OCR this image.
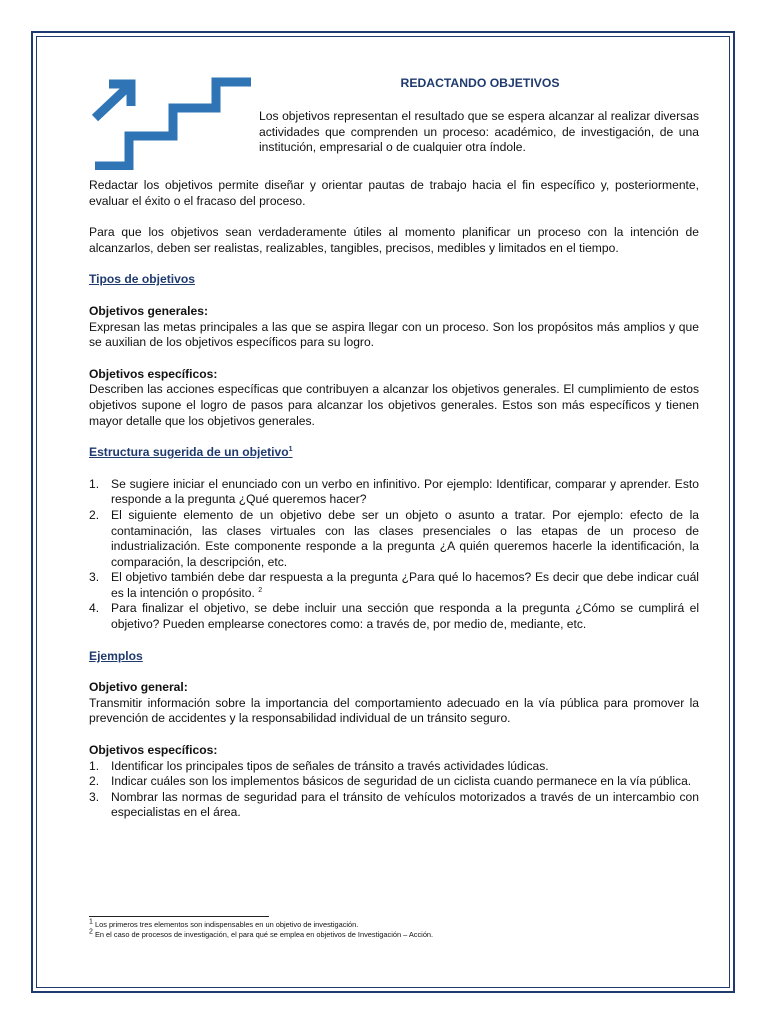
REDACTANDO OBJETIVOS

Los objetivos representan el resultado que se espera alcanzar al realizar diversas actividades que comprenden un proceso: académico, de investigación, de una institución, empresarial o de cualquier otra índole.

Redactar los objetivos permite diseñar y orientar pautas de trabajo hacia el fin específico y, posteriormente, evaluar el éxito o el fracaso del proceso.

Para que los objetivos sean verdaderamente útiles al momento planificar un proceso con la intención de alcanzarlos, deben ser realistas, realizables, tangibles, precisos, medibles y limitados en el tiempo.

Tipos de objetivos

Objetivos generales:

Expresan las metas principales a las que se aspira llegar con un proceso. Son los propósitos más amplios y que se auxilian de los objetivos específicos para su logro.

Objetivos específicos:

Describen las acciones específicas que contribuyen a alcanzar los objetivos generales. El cumplimiento de estos objetivos supone el logro de pasos para alcanzar los objetivos generales. Estos son más específicos y tienen mayor detalle que los objetivos generales.

Estructura sugerida de un objetivo$^1$

1. Se sugiere iniciar el enunciado con un verbo en infinitivo. Por ejemplo: Identificar, comparar y aprender. Esto responde a la pregunta ¿Qué queremos hacer?
2. El siguiente elemento de un objetivo debe ser un objeto o asunto a tratar. Por ejemplo: efecto de la contaminación, las clases virtuales con las clases presenciales o las etapas de un proceso de industrialización. Este componente responde a la pregunta ¿A quién queremos hacerle la identificación, la comparación, la descripción, etc.
3. El objetivo también debe dar respuesta a la pregunta ¿Para qué lo hacemos? Es decir que debe indicar cuál es la intención o propósito. $^2$
4. Para finalizar el objetivo, se debe incluir una sección que responda a la pregunta ¿Cómo se cumplirá el objetivo? Pueden emplearse conectores como: a través de, por medio de, mediante, etc.

Ejemplos

Objetivo general:

Transmitir información sobre la importancia del comportamiento adecuado en la vía pública para promover la prevención de accidentes y la responsabilidad individual de un tránsito seguro.

Objetivos específicos:

1. Identificar los principales tipos de señales de tránsito a través actividades lúdicas.
2. Indicar cuáles son los implementos básicos de seguridad de un ciclista cuando permanece en la vía pública.
3. Nombrar las normas de seguridad para el tránsito de vehículos motorizados a través de un intercambio con especialistas en el área.
$^1$ Los primeros tres elementos son indispensables en un objetivo de investigación.
$^2$ En el caso de procesos de investigación, el para qué se emplea en objetivos de Investigación – Acción.
